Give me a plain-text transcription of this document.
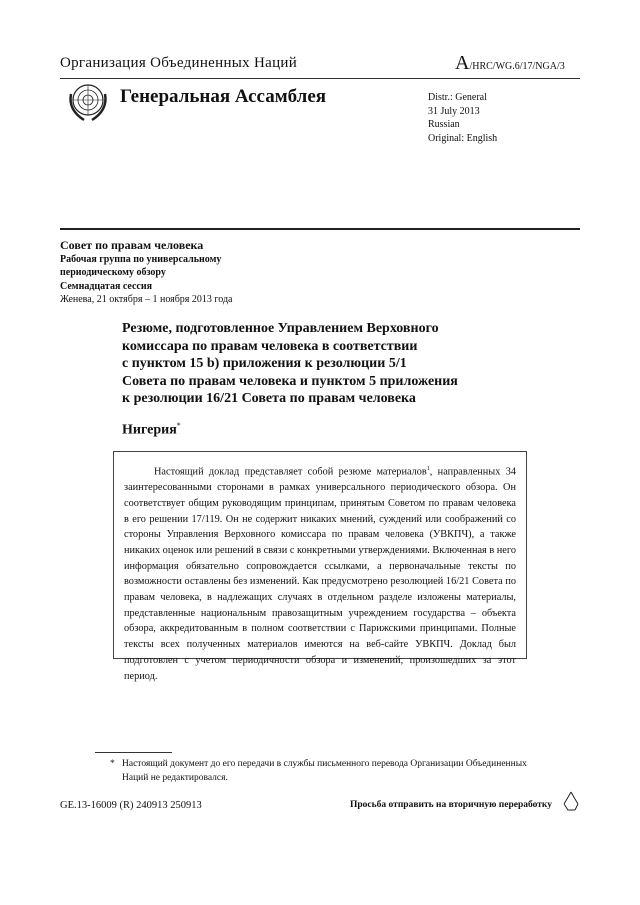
Организация Объединенных Наций	A/HRC/WG.6/17/NGA/3
Генеральная Ассамблея	Distr.: General
31 July 2013
Russian
Original: English
Совет по правам человека
Рабочая группа по универсальному
периодическому обзору
Семнадцатая сессия
Женева, 21 октября – 1 ноября 2013 года
Резюме, подготовленное Управлением Верховного
комиссара по правам человека в соответствии
с пунктом 15 b) приложения к резолюции 5/1
Совета по правам человека и пунктом 5 приложения
к резолюции 16/21 Совета по правам человека
Нигерия*

Настоящий доклад представляет собой резюме материалов$^1$, направленных 34 заинтересованными сторонами в рамках универсального периодического обзора. Он соответствует общим руководящим принципам, принятым Советом по правам человека в его решении 17/119. Он не содержит никаких мнений, суждений или соображений со стороны Управления Верховного комиссара по правам человека (УВКПЧ), а также никаких оценок или решений в связи с конкретными утверждениями. Включенная в него информация обязательно сопровождается ссылками, а первоначальные тексты по возможности оставлены без изменений. Как предусмотрено резолюцией 16/21 Совета по правам человека, в надлежащих случаях в отдельном разделе изложены материалы, представленные национальным правозащитным учреждением государства – объекта обзора, аккредитованным в полном соответствии с Парижскими принципами. Полные тексты всех полученных материалов имеются на веб-сайте УВКПЧ. Доклад был подготовлен с учетом периодичности обзора и изменений, произошедших за этот период.

* Настоящий документ до его передачи в службы письменного перевода Организации Объединенных Наций не редактировался.
GE.13-16009 (R) 240913 250913	Просьба отправить на вторичную переработку
